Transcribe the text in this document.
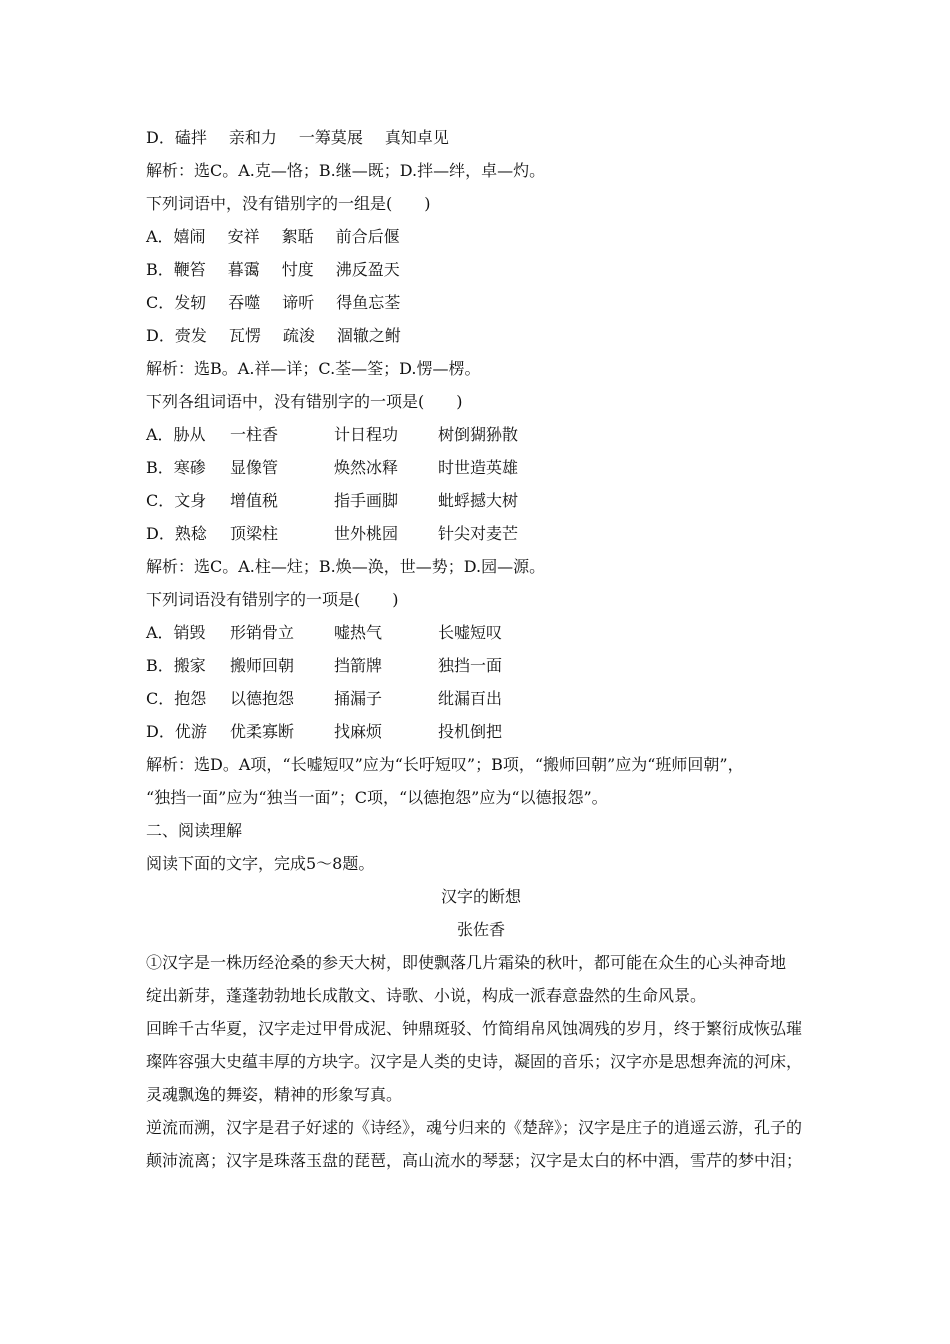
D．磕拌 亲和力 一筹莫展 真知卓见
解析：选C。A.克—恪；B.继—既；D.拌—绊，卓—灼。
下列词语中，没有错别字的一组是(　　)
A．嬉闹 安祥 絮聒 前合后偃
B．鞭笞 暮霭 忖度 沸反盈天
C．发轫 吞噬 谛听 得鱼忘荃
D．赍发 瓦愣 疏浚 涸辙之鲋
解析：选B。A.祥—详；C.荃—筌；D.愣—楞。
下列各组词语中，没有错别字的一项是(　　)
A．胁从 一柱香	计日程功 树倒猢狲散
B．寒碜 显像管	焕然冰释 时世造英雄
C．文身 增值税	指手画脚 蚍蜉撼大树
D．熟稔 顶梁柱	世外桃园 针尖对麦芒
解析：选C。A.柱—炷；B.焕—涣，世—势；D.园—源。
下列词语没有错别字的一项是(　　)
A．销毁 形销骨立 嘘热气	长嘘短叹
B．搬家 搬师回朝 挡箭牌	独挡一面
C．抱怨 以德抱怨 捅漏子	纰漏百出
D．优游 优柔寡断 找麻烦	投机倒把
解析：选D。A项，“长嘘短叹”应为“长吁短叹”；B项，“搬师回朝”应为“班师回朝”，
“独挡一面”应为“独当一面”；C项，“以德抱怨”应为“以德报怨”。
二、阅读理解
阅读下面的文字，完成5～8题。
汉字的断想
张佐香
①汉字是一株历经沧桑的参天大树，即使飘落几片霜染的秋叶，都可能在众生的心头神奇地
绽出新芽，蓬蓬勃勃地长成散文、诗歌、小说，构成一派春意盎然的生命风景。
回眸千古华夏，汉字走过甲骨成泥、钟鼎斑驳、竹简绢帛风蚀凋残的岁月，终于繁衍成恢弘璀
璨阵容强大史蕴丰厚的方块字。汉字是人类的史诗，凝固的音乐；汉字亦是思想奔流的河床，
灵魂飘逸的舞姿，精神的形象写真。
逆流而溯，汉字是君子好逑的《诗经》，魂兮归来的《楚辞》；汉字是庄子的逍遥云游，孔子的
颠沛流离；汉字是珠落玉盘的琵琶，高山流水的琴瑟；汉字是太白的杯中酒，雪芹的梦中泪；
